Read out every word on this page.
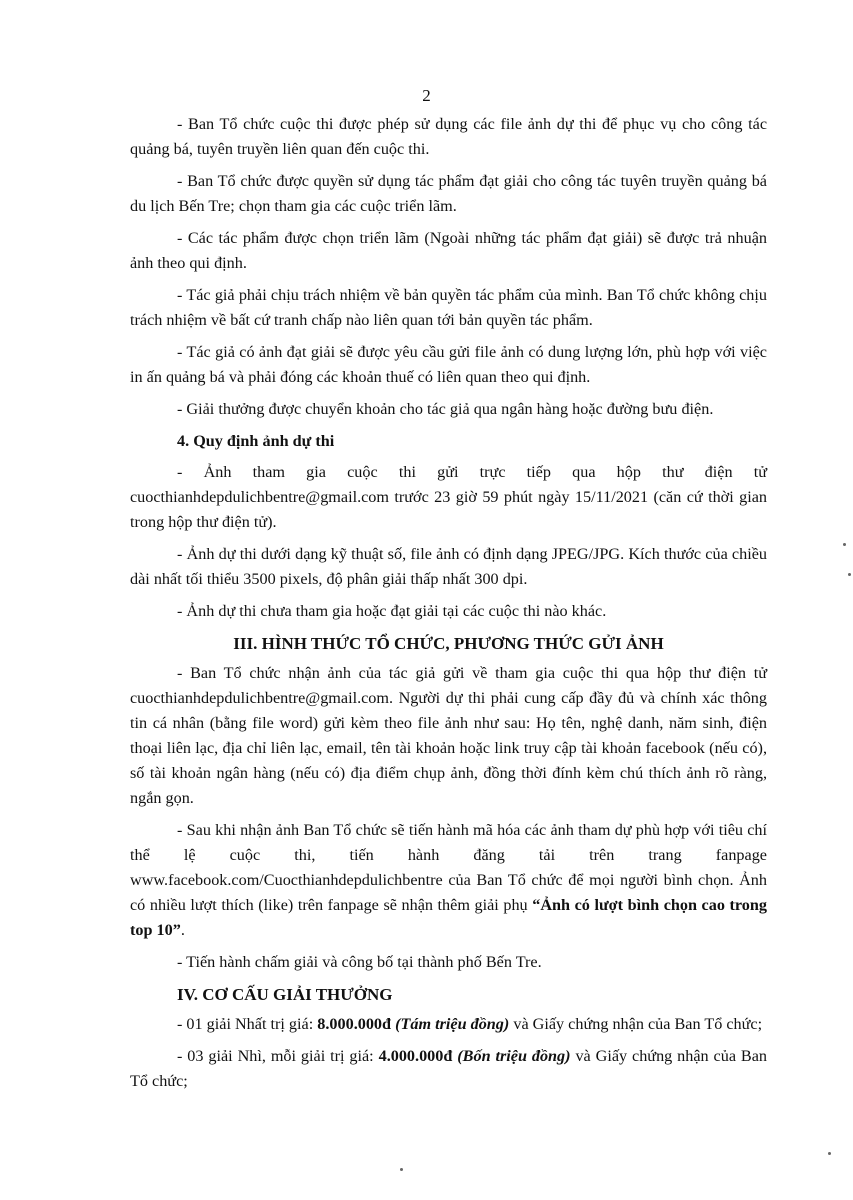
2

- Ban Tổ chức cuộc thi được phép sử dụng các file ảnh dự thi để phục vụ cho công tác quảng bá, tuyên truyền liên quan đến cuộc thi.

- Ban Tổ chức được quyền sử dụng tác phẩm đạt giải cho công tác tuyên truyền quảng bá du lịch Bến Tre; chọn tham gia các cuộc triển lãm.

- Các tác phẩm được chọn triển lãm (Ngoài những tác phẩm đạt giải) sẽ được trả nhuận ảnh theo qui định.

- Tác giả phải chịu trách nhiệm về bản quyền tác phẩm của mình. Ban Tổ chức không chịu trách nhiệm về bất cứ tranh chấp nào liên quan tới bản quyền tác phẩm.

- Tác giả có ảnh đạt giải sẽ được yêu cầu gửi file ảnh có dung lượng lớn, phù hợp với việc in ấn quảng bá và phải đóng các khoản thuế có liên quan theo qui định.

- Giải thưởng được chuyển khoản cho tác giả qua ngân hàng hoặc đường bưu điện.

4. Quy định ảnh dự thi

- Ảnh tham gia cuộc thi gửi trực tiếp qua hộp thư điện tử cuocthianhdepdulichbentre@gmail.com trước 23 giờ 59 phút ngày 15/11/2021 (căn cứ thời gian trong hộp thư điện tử).

- Ảnh dự thi dưới dạng kỹ thuật số, file ảnh có định dạng JPEG/JPG. Kích thước của chiều dài nhất tối thiểu 3500 pixels, độ phân giải thấp nhất 300 dpi.

- Ảnh dự thi chưa tham gia hoặc đạt giải tại các cuộc thi nào khác.

III. HÌNH THỨC TỔ CHỨC, PHƯƠNG THỨC GỬI ẢNH

- Ban Tổ chức nhận ảnh của tác giả gửi về tham gia cuộc thi qua hộp thư điện tử cuocthianhdepdulichbentre@gmail.com. Người dự thi phải cung cấp đầy đủ và chính xác thông tin cá nhân (bằng file word) gửi kèm theo file ảnh như sau: Họ tên, nghệ danh, năm sinh, điện thoại liên lạc, địa chỉ liên lạc, email, tên tài khoản hoặc link truy cập tài khoản facebook (nếu có), số tài khoản ngân hàng (nếu có) địa điểm chụp ảnh, đồng thời đính kèm chú thích ảnh rõ ràng, ngắn gọn.

- Sau khi nhận ảnh Ban Tổ chức sẽ tiến hành mã hóa các ảnh tham dự phù hợp với tiêu chí thể lệ cuộc thi, tiến hành đăng tải trên trang fanpage www.facebook.com/Cuocthianhdepdulichbentre của Ban Tổ chức để mọi người bình chọn. Ảnh có nhiều lượt thích (like) trên fanpage sẽ nhận thêm giải phụ “Ảnh có lượt bình chọn cao trong top 10”.

- Tiến hành chấm giải và công bố tại thành phố Bến Tre.

IV. CƠ CẤU GIẢI THƯỞNG

- 01 giải Nhất trị giá: 8.000.000đ (Tám triệu đồng) và Giấy chứng nhận của Ban Tổ chức;

- 03 giải Nhì, mỗi giải trị giá: 4.000.000đ (Bốn triệu đồng) và Giấy chứng nhận của Ban Tổ chức;
